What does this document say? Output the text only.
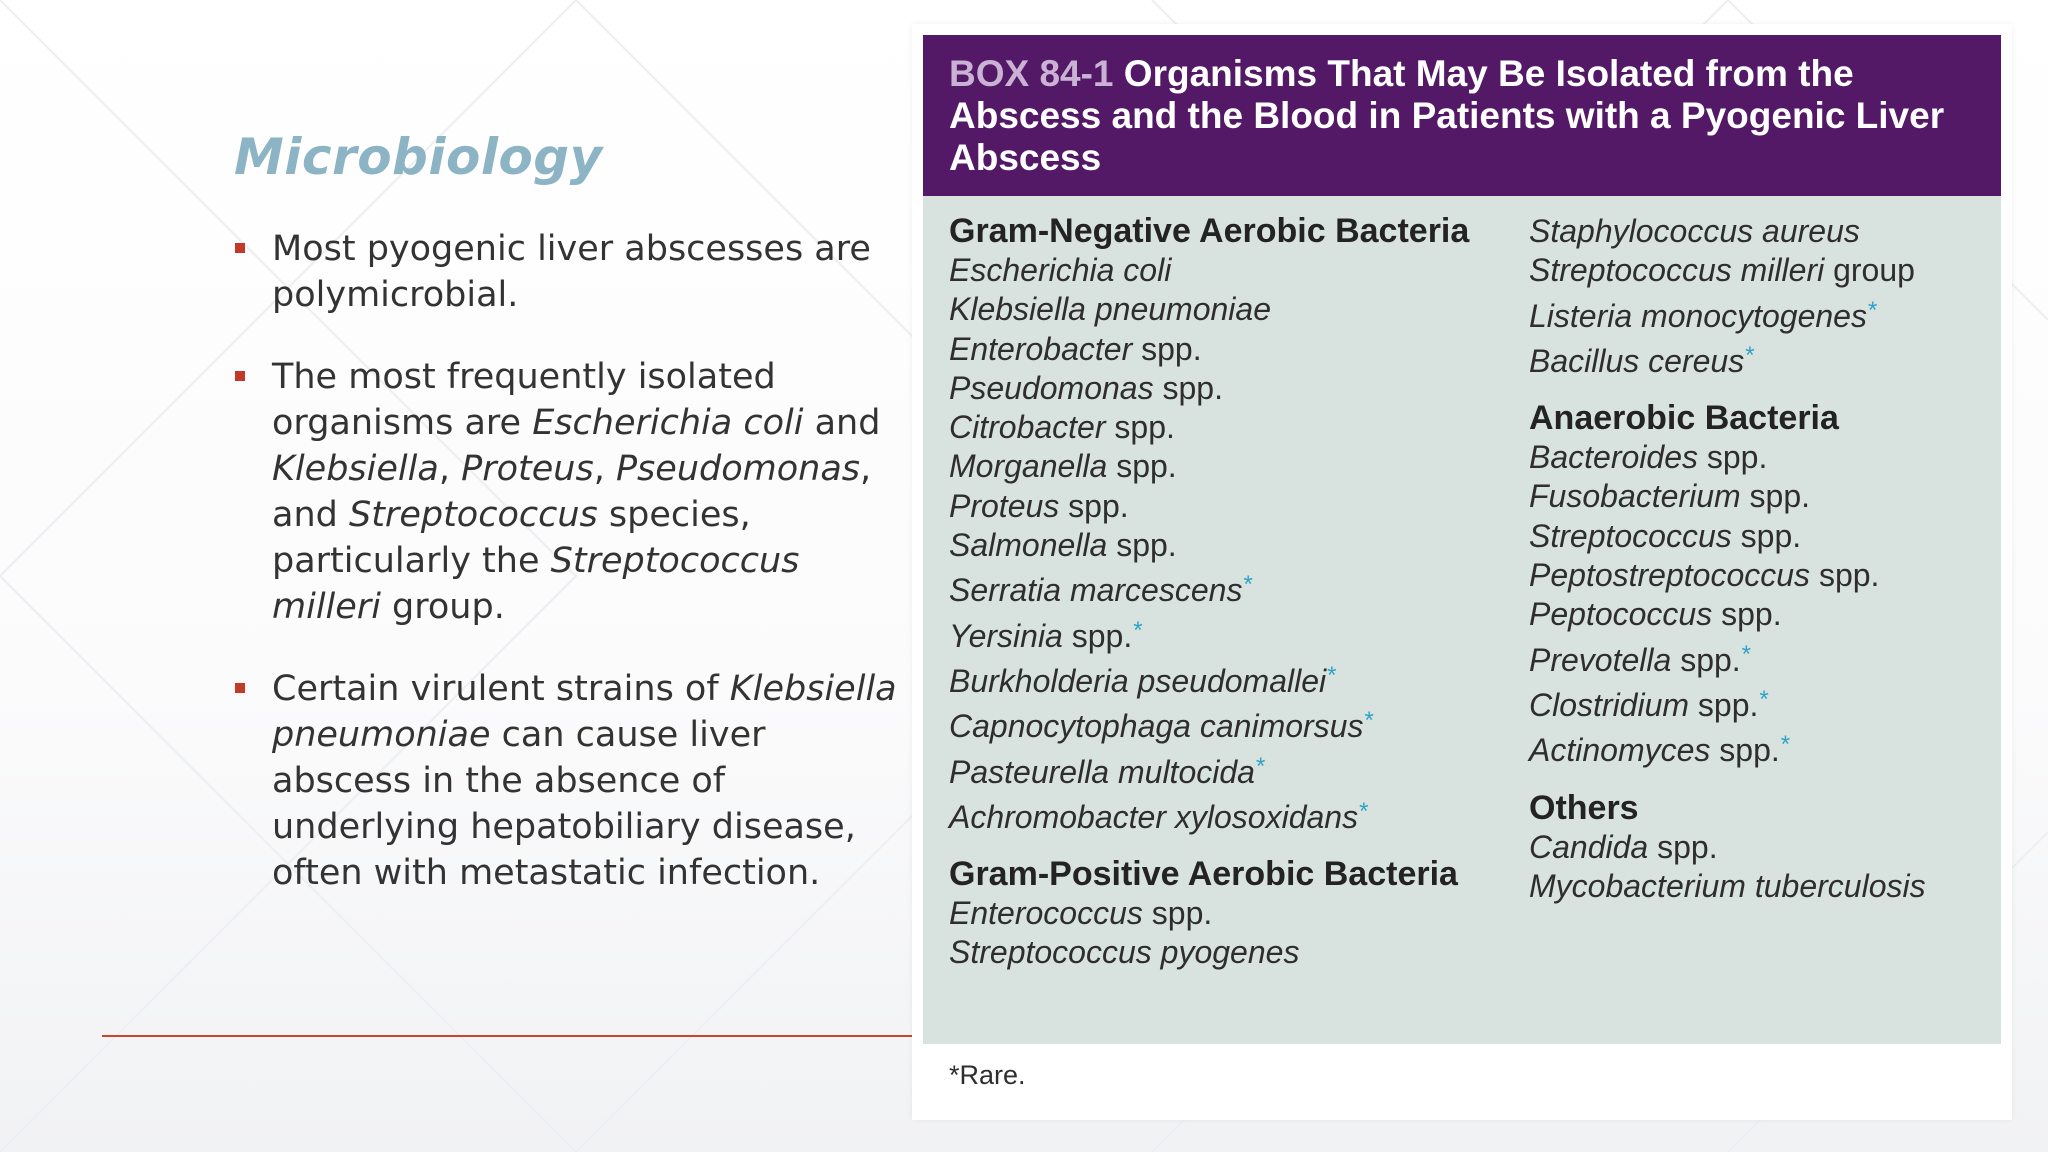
Microbiology
Most pyogenic liver abscesses are polymicrobial.
The most frequently isolated organisms are Escherichia coli and Klebsiella, Proteus, Pseudomonas, and Streptococcus species, particularly the Streptococcus milleri group.
Certain virulent strains of Klebsiella pneumoniae can cause liver abscess in the absence of underlying hepatobiliary disease, often with metastatic infection.
BOX 84-1 Organisms That May Be Isolated from the Abscess and the Blood in Patients with a Pyogenic Liver Abscess
Gram-Negative Aerobic Bacteria
Escherichia coli
Klebsiella pneumoniae
Enterobacter spp.
Pseudomonas spp.
Citrobacter spp.
Morganella spp.
Proteus spp.
Salmonella spp.
Serratia marcescens*
Yersinia spp.*
Burkholderia pseudomallei*
Capnocytophaga canimorsus*
Pasteurella multocida*
Achromobacter xylosoxidans*
Gram-Positive Aerobic Bacteria
Enterococcus spp.
Streptococcus pyogenes
Staphylococcus aureus
Streptococcus milleri group
Listeria monocytogenes*
Bacillus cereus*
Anaerobic Bacteria
Bacteroides spp.
Fusobacterium spp.
Streptococcus spp.
Peptostreptococcus spp.
Peptococcus spp.
Prevotella spp.*
Clostridium spp.*
Actinomyces spp.*
Others
Candida spp.
Mycobacterium tuberculosis
*Rare.
